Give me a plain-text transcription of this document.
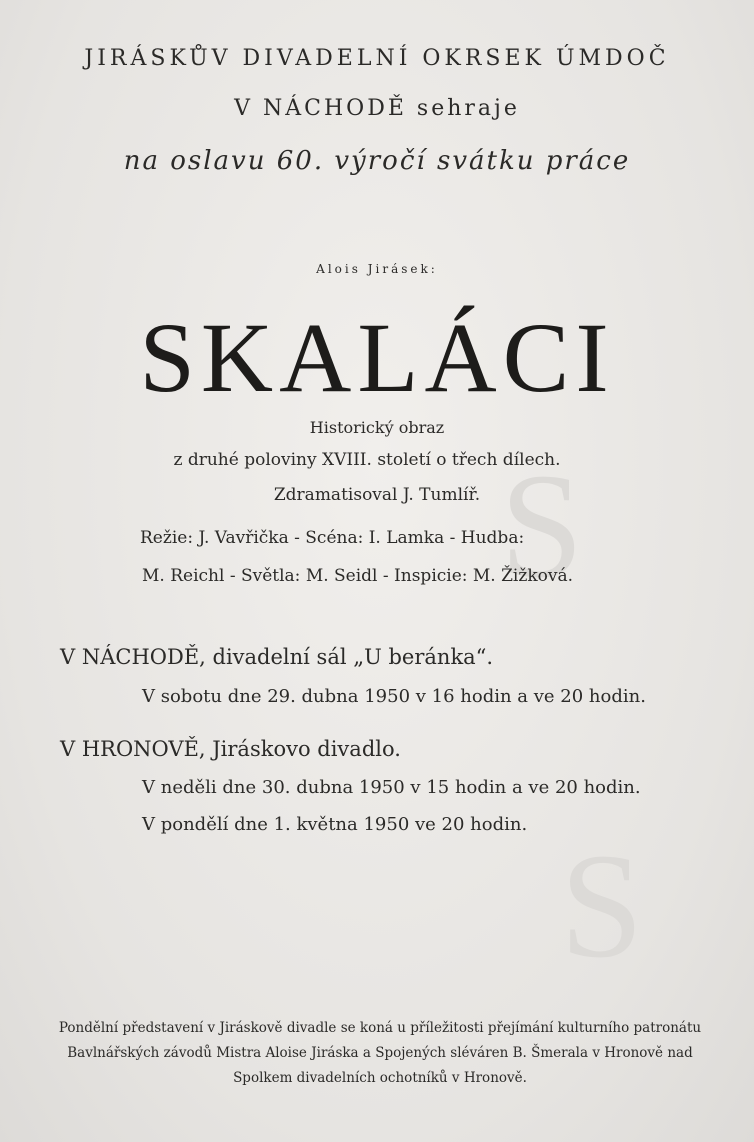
S
S
JIRÁSKŮV DIVADELNÍ OKRSEK ÚMDOČ
V NÁCHODĚ sehraje
na oslavu 60. výročí svátku práce
Alois Jirásek:
SKALÁCI
Historický obraz
z druhé poloviny XVIII. století o třech dílech.
Zdramatisoval J. Tumlíř.
Režie: J. Vavřička - Scéna: I. Lamka - Hudba:
M. Reichl - Světla: M. Seidl - Inspicie: M. Žižková.
V NÁCHODĚ, divadelní sál „U beránka“.
V sobotu dne 29. dubna 1950 v 16 hodin a ve 20 hodin.
V HRONOVĚ, Jiráskovo divadlo.
V neděli dne 30. dubna 1950 v 15 hodin a ve 20 hodin.
V pondělí dne 1. května 1950 ve 20 hodin.
Pondělní představení v Jiráskově divadle se koná u příležitosti přejímání kulturního patronátu Bavlnářských závodů Mistra Aloise Jiráska a Spojených sléváren B. Šmerala v Hronově nad Spolkem divadelních ochotníků v Hronově.
